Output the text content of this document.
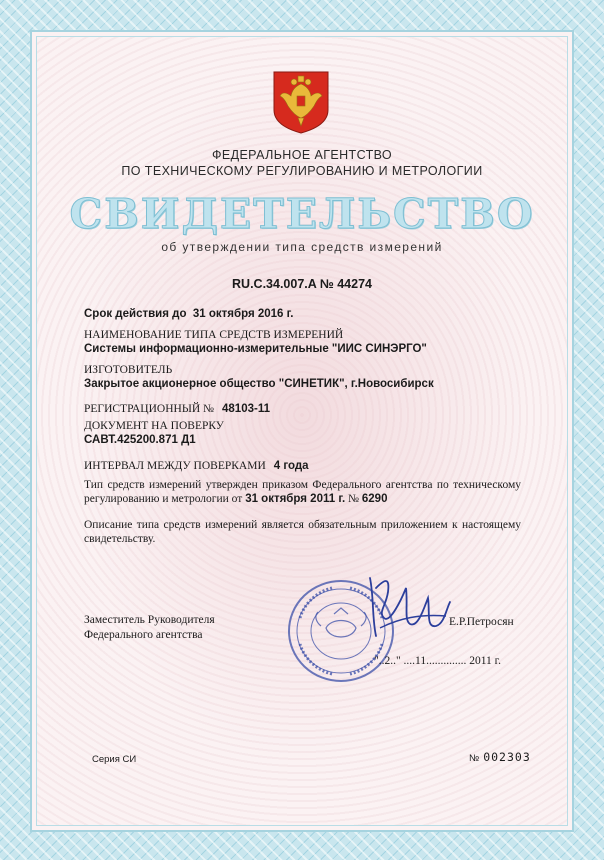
ФЕДЕРАЛЬНОЕ АГЕНТСТВО
ПО ТЕХНИЧЕСКОМУ РЕГУЛИРОВАНИЮ И МЕТРОЛОГИИ
СВИДЕТЕЛЬСТВО
об утверждении типа средств измерений
RU.C.34.007.A № 44274
Срок действия до 31 октября 2016 г.
НАИМЕНОВАНИЕ ТИПА СРЕДСТВ ИЗМЕРЕНИЙ
Системы информационно-измерительные "ИИС СИНЭРГО"
ИЗГОТОВИТЕЛЬ
Закрытое акционерное общество "СИНЕТИК", г.Новосибирск
РЕГИСТРАЦИОННЫЙ № 48103-11
ДОКУМЕНТ НА ПОВЕРКУ
САВТ.425200.871 Д1
ИНТЕРВАЛ МЕЖДУ ПОВЕРКАМИ 4 года
Тип средств измерений утвержден приказом Федерального агентства по техническому регулированию и метрологии от 31 октября 2011 г. № 6290
Описание типа средств измерений является обязательным приложением к настоящему свидетельству.
Заместитель Руководителя
Федерального агентства
Е.Р.Петросян
"..2.." ....11.............. 2011 г.
Серия СИ	№ 002303
